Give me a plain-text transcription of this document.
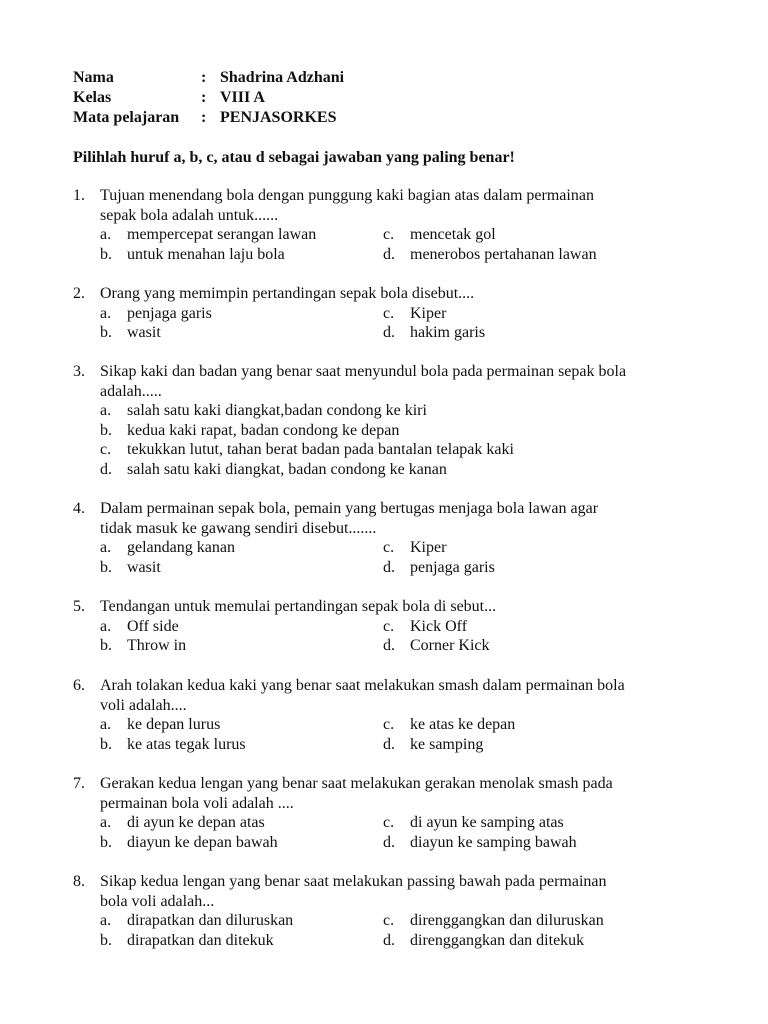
Nama	: Shadrina Adzhani
Kelas	: VIII A
Mata pelajaran : PENJASORKES
Pilihlah huruf a, b, c, atau d sebagai jawaban yang paling benar!
1. Tujuan menendang bola dengan punggung kaki bagian atas dalam permainan
sepak bola adalah untuk......
a. mempercepat serangan lawan	c. mencetak gol
b. untuk menahan laju bola	d. menerobos pertahanan lawan
2. Orang yang memimpin pertandingan sepak bola disebut....
a. penjaga garis	c. Kiper
b. wasit	d. hakim garis
3. Sikap kaki dan badan yang benar saat menyundul bola pada permainan sepak bola
adalah.....
a. salah satu kaki diangkat,badan condong ke kiri
b. kedua kaki rapat, badan condong ke depan
c. tekukkan lutut, tahan berat badan pada bantalan telapak kaki
d. salah satu kaki diangkat, badan condong ke kanan
4. Dalam permainan sepak bola, pemain yang bertugas menjaga bola lawan agar
tidak masuk ke gawang sendiri disebut.......
a. gelandang kanan	c. Kiper
b. wasit	d. penjaga garis
5. Tendangan untuk memulai pertandingan sepak bola di sebut...
a. Off side	c. Kick Off
b. Throw in	d. Corner Kick
6. Arah tolakan kedua kaki yang benar saat melakukan smash dalam permainan bola
voli adalah....
a. ke depan lurus	c. ke atas ke depan
b. ke atas tegak lurus	d. ke samping
7. Gerakan kedua lengan yang benar saat melakukan gerakan menolak smash pada
permainan bola voli adalah ....
a. di ayun ke depan atas	c. di ayun ke samping atas
b. diayun ke depan bawah	d. diayun ke samping bawah
8. Sikap kedua lengan yang benar saat melakukan passing bawah pada permainan
bola voli adalah...
a. dirapatkan dan diluruskan	c. direnggangkan dan diluruskan
b. dirapatkan dan ditekuk	d. direnggangkan dan ditekuk
